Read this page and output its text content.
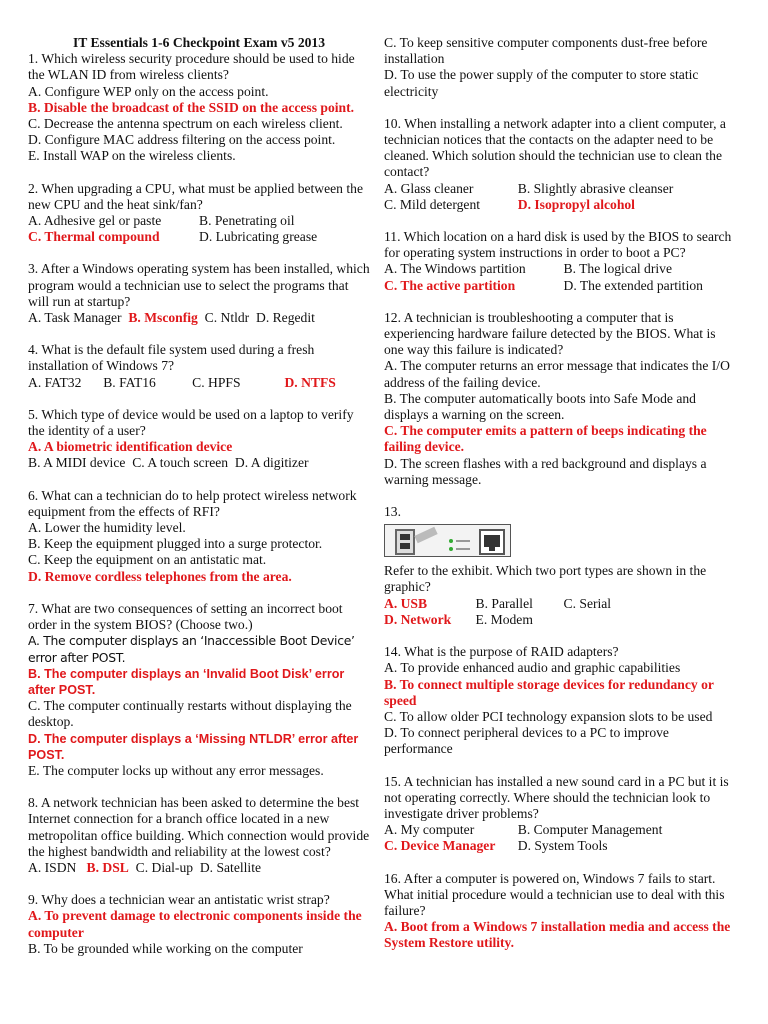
IT Essentials 1-6 Checkpoint Exam v5 2013

1. Which wireless security procedure should be used to hide the WLAN ID from wireless clients?

A. Configure WEP only on the access point.

B. Disable the broadcast of the SSID on the access point.

C. Decrease the antenna spectrum on each wireless client.

D. Configure MAC address filtering on the access point.

E. Install WAP on the wireless clients.

2. When upgrading a CPU, what must be applied between the new CPU and the heat sink/fan?

A. Adhesive gel or paste	B. Penetrating oil
C. Thermal compound	D. Lubricating grease

3. After a Windows operating system has been installed, which program would a technician use to select the programs that will run at startup?

A. Task Manager B. Msconfig C. Ntldr D. Regedit

4. What is the default file system used during a fresh installation of Windows 7?

A. FAT32	B. FAT16	C. HPFS	D. NTFS

5. Which type of device would be used on a laptop to verify the identity of a user?

A. A biometric identification device

B. A MIDI device C. A touch screen D. A digitizer

6. What can a technician do to help protect wireless network equipment from the effects of RFI?

A. Lower the humidity level.

B. Keep the equipment plugged into a surge protector.

C. Keep the equipment on an antistatic mat.

D. Remove cordless telephones from the area.

7. What are two consequences of setting an incorrect boot order in the system BIOS? (Choose two.)

A. The computer displays an ‘Inaccessible Boot Device’ error after POST.

B. The computer displays an ‘Invalid Boot Disk’ error after POST.

C. The computer continually restarts without displaying the desktop.

D. The computer displays a ‘Missing NTLDR’ error after POST.

E. The computer locks up without any error messages.

8. A network technician has been asked to determine the best Internet connection for a branch office located in a new metropolitan office building. Which connection would provide the highest bandwidth and reliability at the lowest cost?

A. ISDN B. DSL C. Dial-up D. Satellite

9. Why does a technician wear an antistatic wrist strap?

A. To prevent damage to electronic components inside the computer

B. To be grounded while working on the computer

C. To keep sensitive computer components dust-free before installation

D. To use the power supply of the computer to store static electricity

10. When installing a network adapter into a client computer, a technician notices that the contacts on the adapter need to be cleaned. Which solution should the technician use to clean the contact?

A. Glass cleaner	B. Slightly abrasive cleanser
C. Mild detergent	D. Isopropyl alcohol

11. Which location on a hard disk is used by the BIOS to search for operating system instructions in order to boot a PC?

A. The Windows partition	B. The logical drive
C. The active partition	D. The extended partition

12. A technician is troubleshooting a computer that is experiencing hardware failure detected by the BIOS. What is one way this failure is indicated?

A. The computer returns an error message that indicates the I/O address of the failing device.

B. The computer automatically boots into Safe Mode and displays a warning on the screen.

C. The computer emits a pattern of beeps indicating the failing device.

D. The screen flashes with a red background and displays a warning message.

13.

Refer to the exhibit. Which two port types are shown in the graphic?

A. USB	B. Parallel	C. Serial
D. Network	E. Modem

14. What is the purpose of RAID adapters?

A. To provide enhanced audio and graphic capabilities

B. To connect multiple storage devices for redundancy or speed

C. To allow older PCI technology expansion slots to be used

D. To connect peripheral devices to a PC to improve performance

15. A technician has installed a new sound card in a PC but it is not operating correctly. Where should the technician look to investigate driver problems?

A. My computer	B. Computer Management
C. Device Manager	D. System Tools

16. After a computer is powered on, Windows 7 fails to start. What initial procedure would a technician use to deal with this failure?

A. Boot from a Windows 7 installation media and access the System Restore utility.
